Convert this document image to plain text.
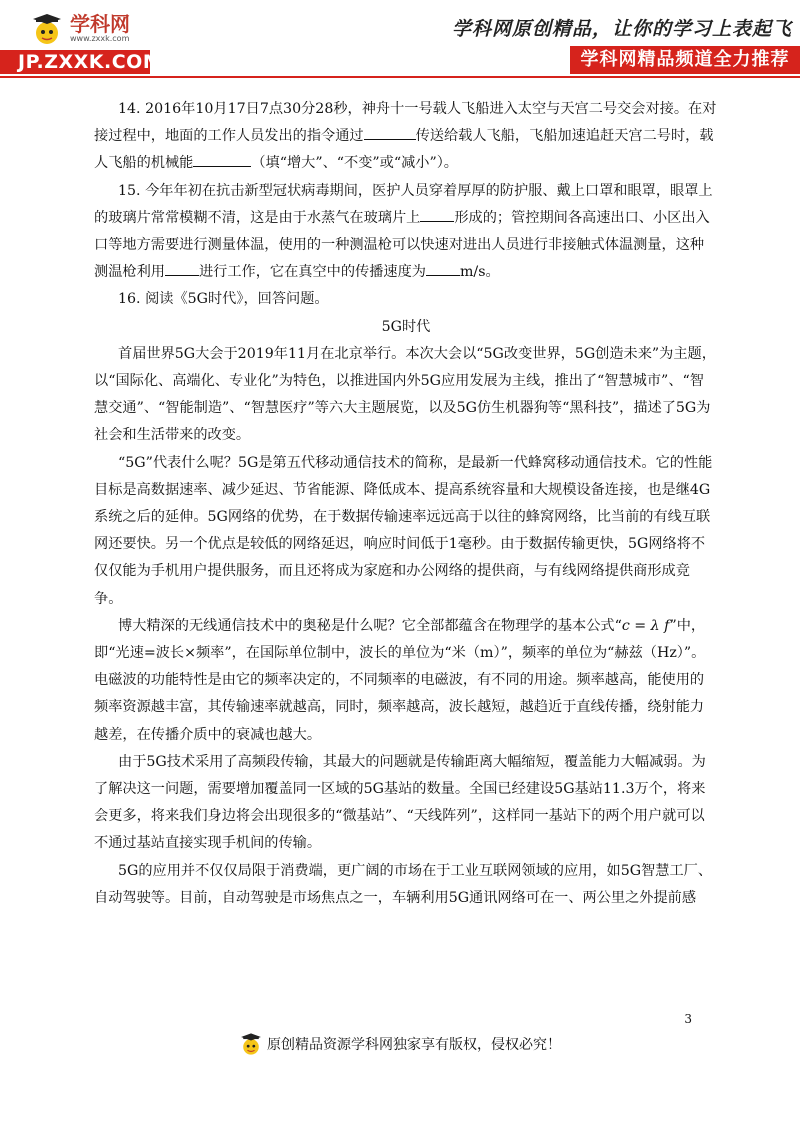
学科网
www.zxxk.com
JP.ZXXK.COM
学科网原创精品，让你的学习上表起飞
学科网精品频道全力推荐

14. 2016年10月17日7点30分28秒，神舟十一号载人飞船进入太空与天宫二号交会对接。在对接过程中，地面的工作人员发出的指令通过	传送给载人飞船，飞船加速追赶天宫二号时，载人飞船的机械能	（填“增大”、“不变”或“减小”）。

15. 今年年初在抗击新型冠状病毒期间，医护人员穿着厚厚的防护服、戴上口罩和眼罩，眼罩上的玻璃片常常模糊不清，这是由于水蒸气在玻璃片上 形成的；管控期间各高速出口、小区出入口等地方需要进行测量体温，使用的一种测温枪可以快速对进出人员进行非接触式体温测量，这种测温枪利用 进行工作，它在真空中的传播速度为 m/s。

16. 阅读《5G时代》，回答问题。

5G时代

首届世界5G大会于2019年11月在北京举行。本次大会以“5G改变世界，5G创造未来”为主题，以“国际化、高端化、专业化”为特色，以推进国内外5G应用发展为主线，推出了“智慧城市”、“智慧交通”、“智能制造”、“智慧医疗”等六大主题展览，以及5G仿生机器狗等“黑科技”，描述了5G为社会和生活带来的改变。

“5G”代表什么呢？5G是第五代移动通信技术的简称，是最新一代蜂窝移动通信技术。它的性能目标是高数据速率、减少延迟、节省能源、降低成本、提高系统容量和大规模设备连接，也是继4G系统之后的延伸。5G网络的优势，在于数据传输速率远远高于以往的蜂窝网络，比当前的有线互联网还要快。另一个优点是较低的网络延迟，响应时间低于1毫秒。由于数据传输更快，5G网络将不仅仅能为手机用户提供服务，而且还将成为家庭和办公网络的提供商，与有线网络提供商形成竞争。

博大精深的无线通信技术中的奥秘是什么呢？它全部都蕴含在物理学的基本公式“c = λ f”中，即“光速=波长×频率”，在国际单位制中，波长的单位为“米（m）”，频率的单位为“赫兹（Hz）”。电磁波的功能特性是由它的频率决定的，不同频率的电磁波，有不同的用途。频率越高，能使用的频率资源越丰富，其传输速率就越高，同时，频率越高，波长越短，越趋近于直线传播，绕射能力越差，在传播介质中的衰减也越大。

由于5G技术采用了高频段传输，其最大的问题就是传输距离大幅缩短，覆盖能力大幅减弱。为了解决这一问题，需要增加覆盖同一区域的5G基站的数量。全国已经建设5G基站11.3万个，将来会更多，将来我们身边将会出现很多的“微基站”、“天线阵列”，这样同一基站下的两个用户就可以不通过基站直接实现手机间的传输。

5G的应用并不仅仅局限于消费端，更广阔的市场在于工业互联网领域的应用，如5G智慧工厂、自动驾驶等。目前，自动驾驶是市场焦点之一，车辆利用5G通讯网络可在一、两公里之外提前感

3
原创精品资源学科网独家享有版权，侵权必究！
